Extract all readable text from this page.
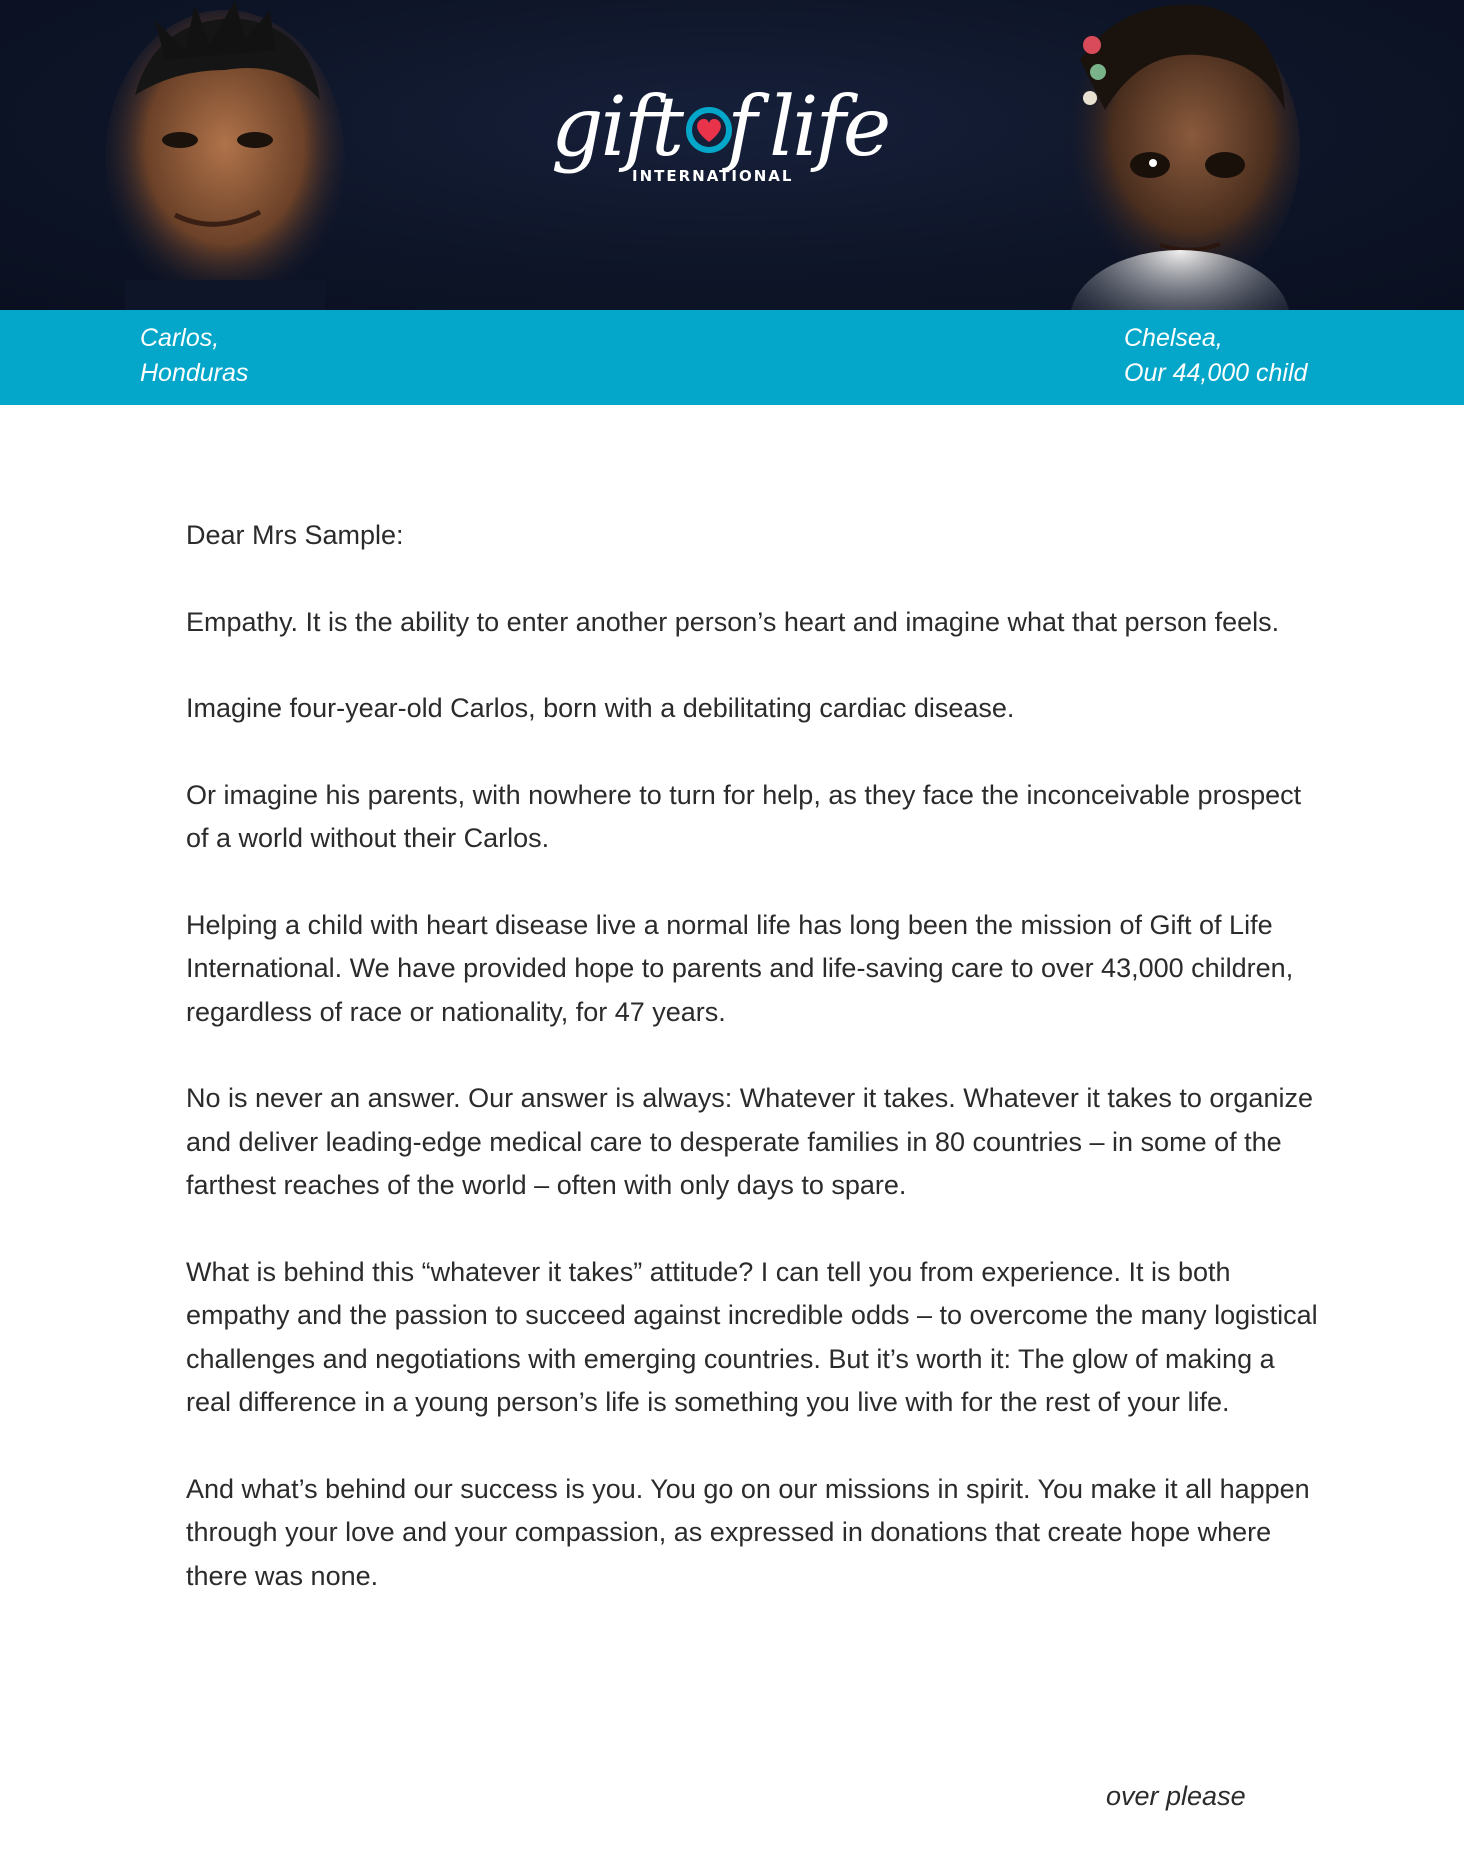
gift f life
INTERNATIONAL
Carlos,
Honduras
Chelsea,
Our 44,000 child

Dear Mrs Sample:

Empathy. It is the ability to enter another person’s heart and imagine what that person feels.

Imagine four-year-old Carlos, born with a debilitating cardiac disease.

Or imagine his parents, with nowhere to turn for help, as they face the inconceivable prospect of a world without their Carlos.

Helping a child with heart disease live a normal life has long been the mission of Gift of Life International. We have provided hope to parents and life-saving care to over 43,000 children, regardless of race or nationality, for 47 years.

No is never an answer. Our answer is always: Whatever it takes. Whatever it takes to organize and deliver leading-edge medical care to desperate families in 80 countries – in some of the farthest reaches of the world – often with only days to spare.

What is behind this “whatever it takes” attitude? I can tell you from experience. It is both empathy and the passion to succeed against incredible odds – to overcome the many logistical challenges and negotiations with emerging countries. But it’s worth it: The glow of making a real difference in a young person’s life is something you live with for the rest of your life.

And what’s behind our success is you. You go on our missions in spirit. You make it all happen through your love and your compassion, as expressed in donations that create hope where there was none.

over please
